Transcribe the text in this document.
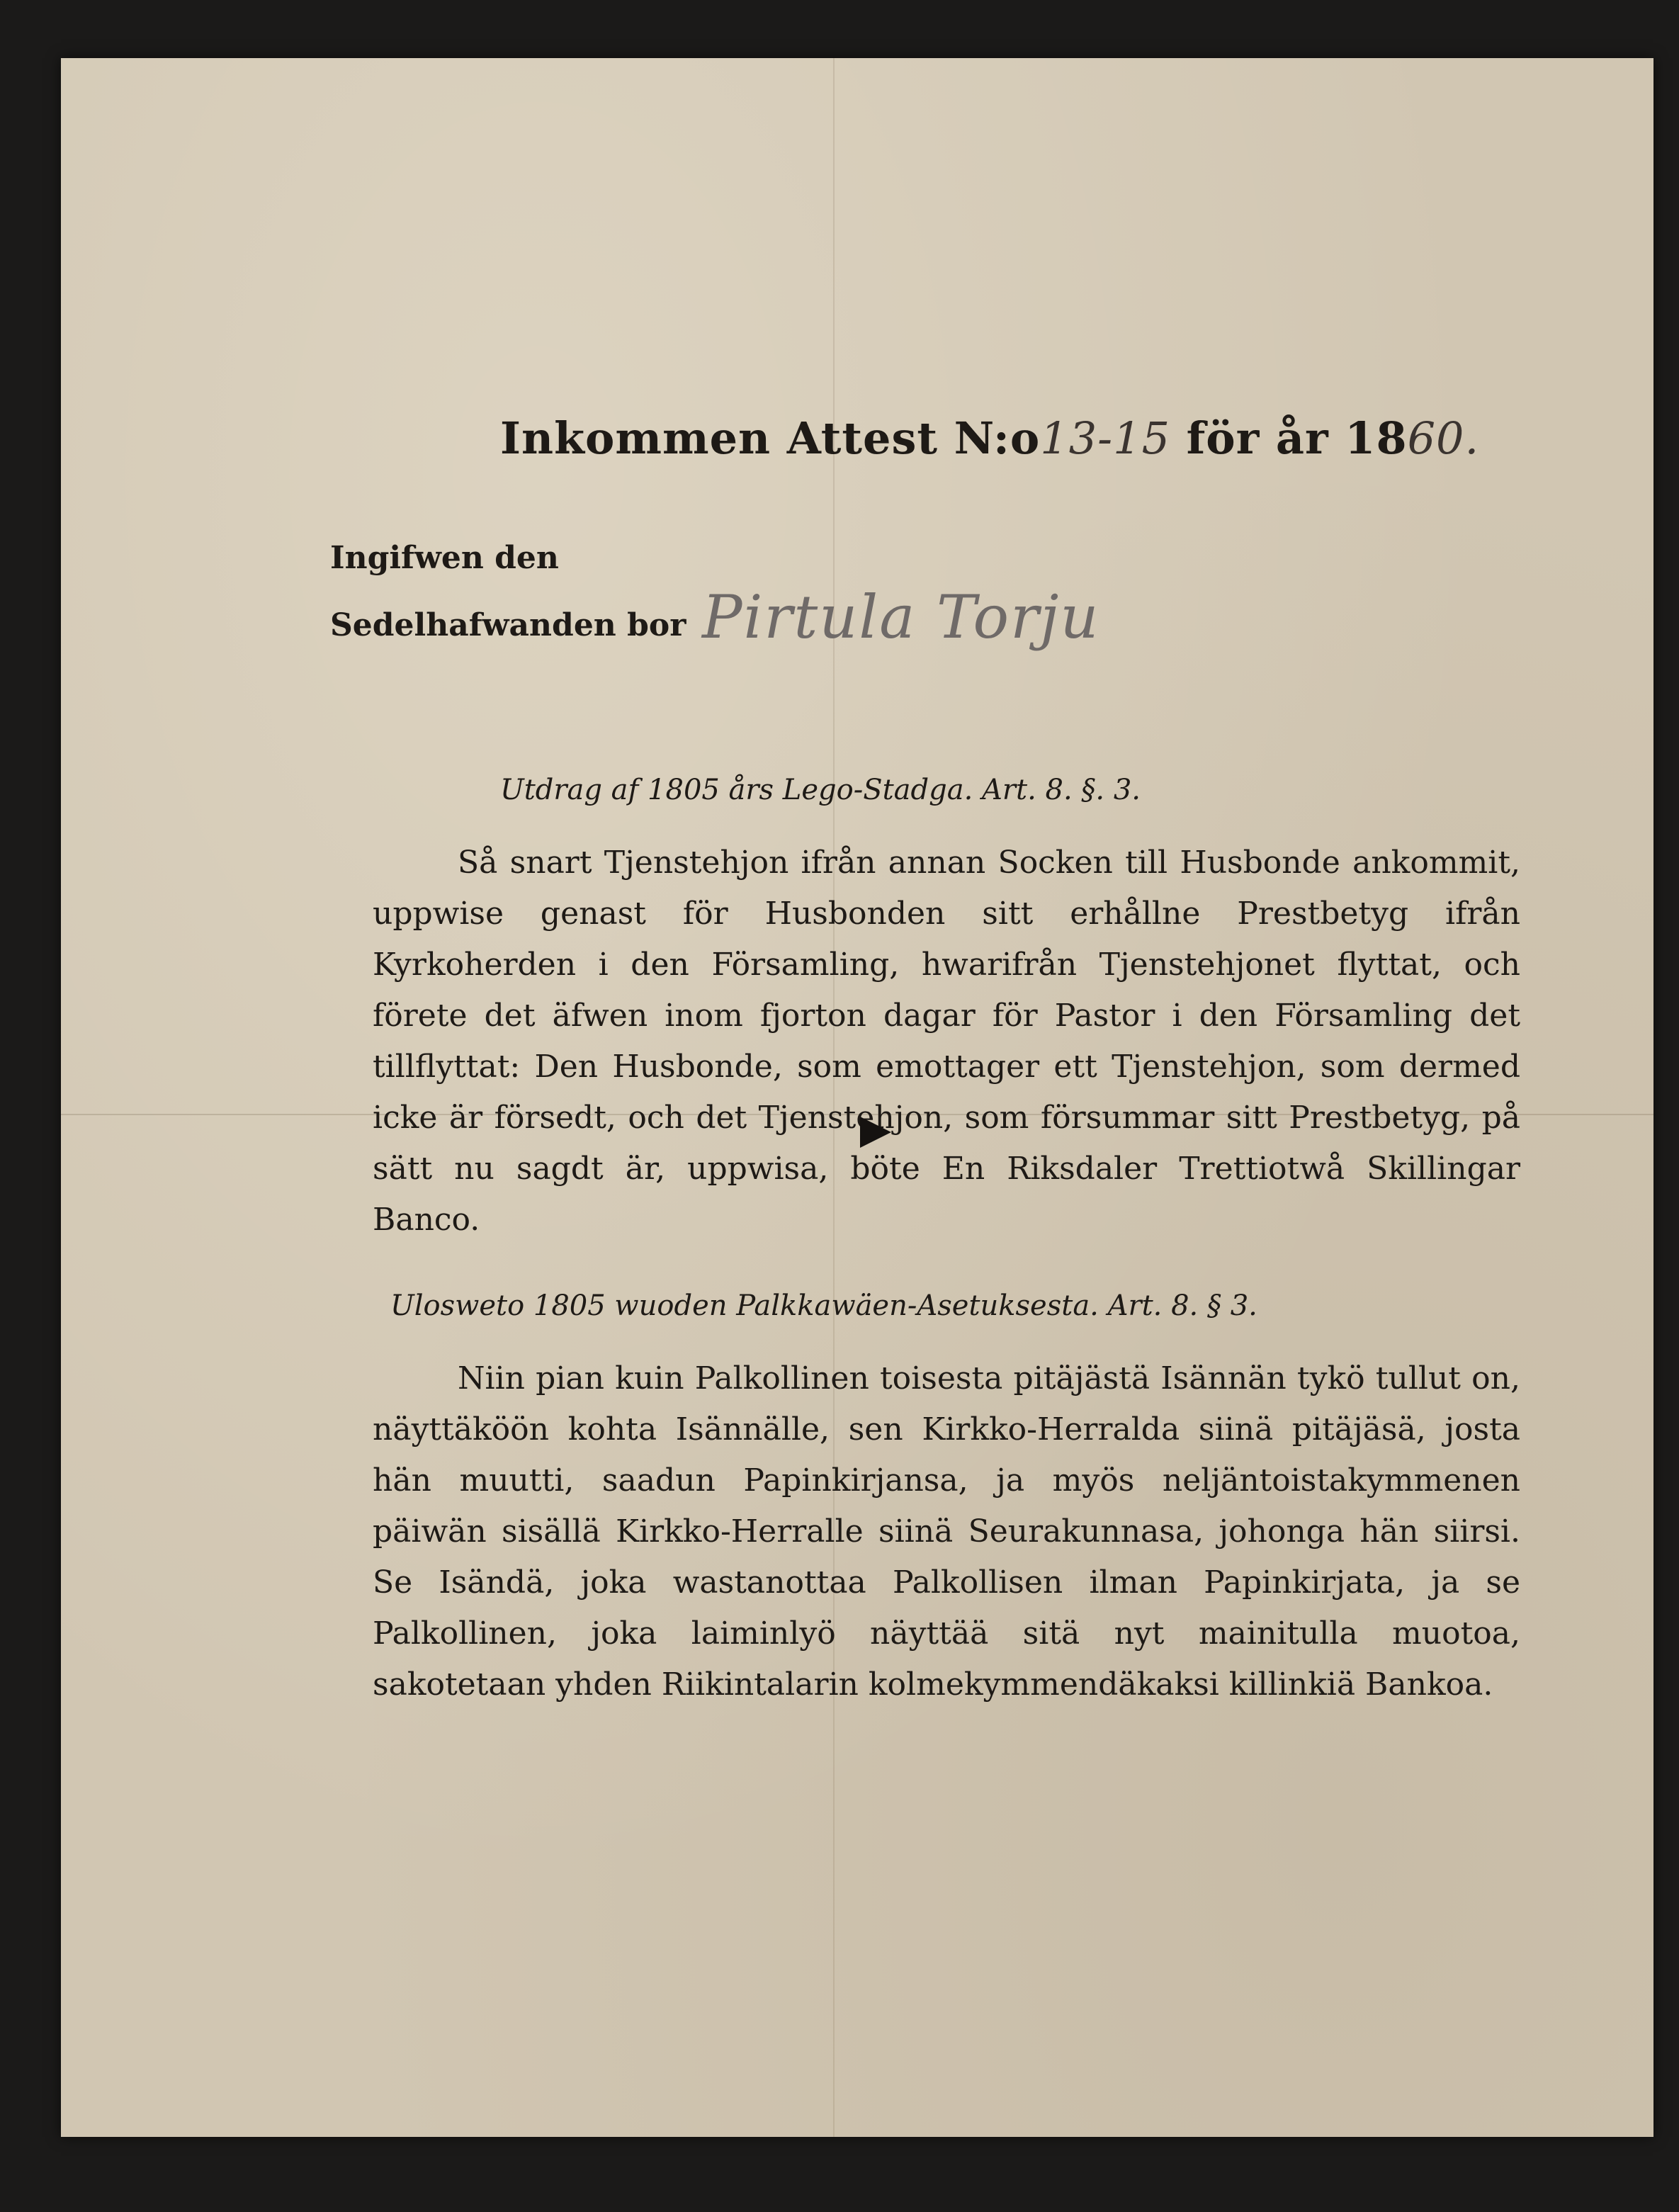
Inkommen Attest N:o13-15 för år 1860.
Ingifwen den
Sedelhafwanden bor Pirtula Torju
Utdrag af 1805 års Lego-Stadga. Art. 8. §. 3.
Så snart Tjenstehjon ifrån annan Socken till Husbonde ankommit, uppwise genast för Husbonden sitt erhållne Prestbetyg ifrån Kyrkoherden i den Församling, hwarifrån Tjenstehjonet flyttat, och förete det äfwen inom fjorton dagar för Pastor i den Församling det tillflyttat: Den Husbonde, som emottager ett Tjenstehjon, som dermed icke är försedt, och det Tjenstehjon, som försummar sitt Prestbetyg, på sätt nu sagdt är, uppwisa, böte En Riksdaler Trettiotwå Skillingar Banco.
Ulosweto 1805 wuoden Palkkawäen-Asetuksesta. Art. 8. § 3.
Niin pian kuin Palkollinen toisesta pitäjästä Isännän tykö tullut on, näyttäköön kohta Isännälle, sen Kirkko-Herralda siinä pitäjäsä, josta hän muutti, saadun Papinkirjansa, ja myös neljäntoistakymmenen päiwän sisällä Kirkko-Herralle siinä Seurakunnasa, johonga hän siirsi. Se Isändä, joka wastanottaa Palkollisen ilman Papinkirjata, ja se Palkollinen, joka laiminlyö näyttää sitä nyt mainitulla muotoa, sakotetaan yhden Riikintalarin kolmekymmendäkaksi killinkiä Bankoa.
